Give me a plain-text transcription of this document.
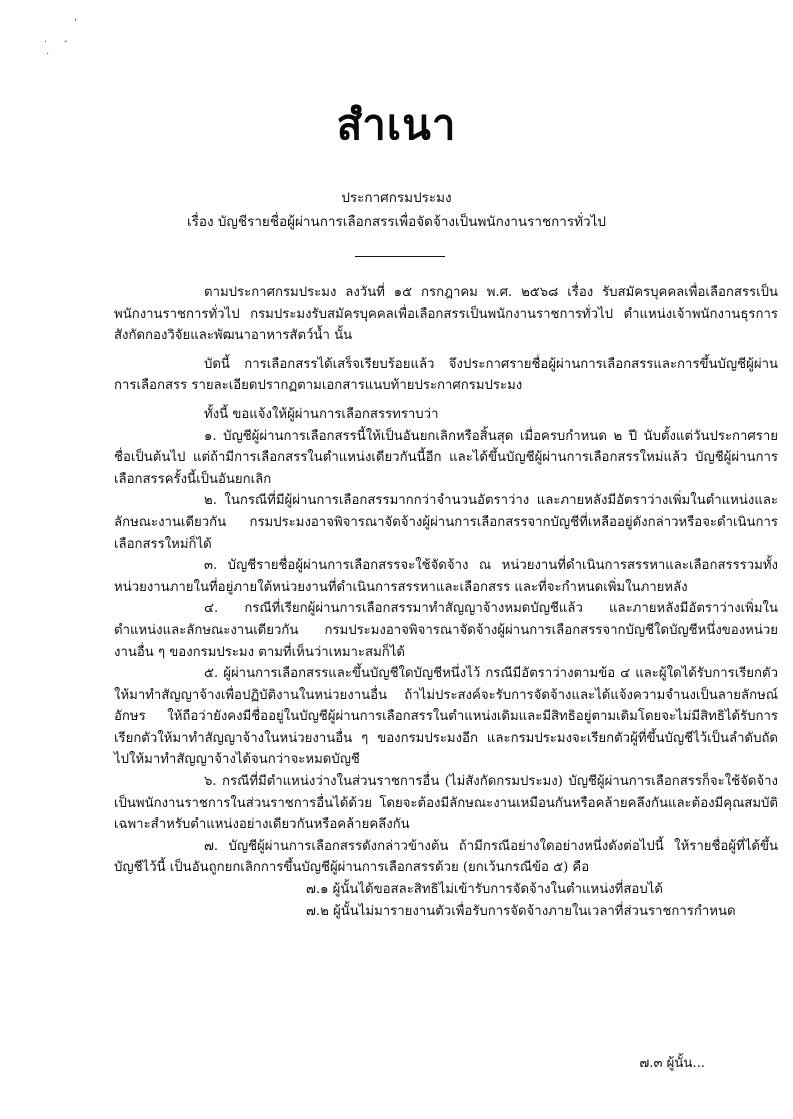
,
. -
.
สำเนา
ประกาศกรมประมง
เรื่อง บัญชีรายชื่อผู้ผ่านการเลือกสรรเพื่อจัดจ้างเป็นพนักงานราชการทั่วไป

ตามประกาศกรมประมง ลงวันที่ ๑๕ กรกฎาคม พ.ศ. ๒๕๖๘ เรื่อง รับสมัครบุคคลเพื่อเลือกสรรเป็นพนักงานราชการทั่วไป กรมประมงรับสมัครบุคคลเพื่อเลือกสรรเป็นพนักงานราชการทั่วไป ตำแหน่งเจ้าพนักงานธุรการ สังกัดกองวิจัยและพัฒนาอาหารสัตว์น้ำ นั้น

บัดนี้ การเลือกสรรได้เสร็จเรียบร้อยแล้ว จึงประกาศรายชื่อผู้ผ่านการเลือกสรรและการขึ้นบัญชีผู้ผ่านการเลือกสรร รายละเอียดปรากฏตามเอกสารแนบท้ายประกาศกรมประมง

ทั้งนี้ ขอแจ้งให้ผู้ผ่านการเลือกสรรทราบว่า

๑. บัญชีผู้ผ่านการเลือกสรรนี้ให้เป็นอันยกเลิกหรือสิ้นสุด เมื่อครบกำหนด ๒ ปี นับตั้งแต่วันประกาศรายชื่อเป็นต้นไป แต่ถ้ามีการเลือกสรรในตำแหน่งเดียวกันนี้อีก และได้ขึ้นบัญชีผู้ผ่านการเลือกสรรใหม่แล้ว บัญชีผู้ผ่านการเลือกสรรครั้งนี้เป็นอันยกเลิก

๒. ในกรณีที่มีผู้ผ่านการเลือกสรรมากกว่าจำนวนอัตราว่าง และภายหลังมีอัตราว่างเพิ่มในตำแหน่งและลักษณะงานเดียวกัน กรมประมงอาจพิจารณาจัดจ้างผู้ผ่านการเลือกสรรจากบัญชีที่เหลืออยู่ดังกล่าวหรือจะดำเนินการเลือกสรรใหม่ก็ได้

๓. บัญชีรายชื่อผู้ผ่านการเลือกสรรจะใช้จัดจ้าง ณ หน่วยงานที่ดำเนินการสรรหาและเลือกสรรรวมทั้งหน่วยงานภายในที่อยู่ภายใต้หน่วยงานที่ดำเนินการสรรหาและเลือกสรร และที่จะกำหนดเพิ่มในภายหลัง

๔. กรณีที่เรียกผู้ผ่านการเลือกสรรมาทำสัญญาจ้างหมดบัญชีแล้ว และภายหลังมีอัตราว่างเพิ่มในตำแหน่งและลักษณะงานเดียวกัน กรมประมงอาจพิจารณาจัดจ้างผู้ผ่านการเลือกสรรจากบัญชีใดบัญชีหนึ่งของหน่วยงานอื่น ๆ ของกรมประมง ตามที่เห็นว่าเหมาะสมก็ได้

๕. ผู้ผ่านการเลือกสรรและขึ้นบัญชีใดบัญชีหนึ่งไว้ กรณีมีอัตราว่างตามข้อ ๔ และผู้ใดได้รับการเรียกตัวให้มาทำสัญญาจ้างเพื่อปฏิบัติงานในหน่วยงานอื่น ถ้าไม่ประสงค์จะรับการจัดจ้างและได้แจ้งความจำนงเป็นลายลักษณ์อักษร ให้ถือว่ายังคงมีชื่ออยู่ในบัญชีผู้ผ่านการเลือกสรรในตำแหน่งเดิมและมีสิทธิอยู่ตามเดิมโดยจะไม่มีสิทธิได้รับการเรียกตัวให้มาทำสัญญาจ้างในหน่วยงานอื่น ๆ ของกรมประมงอีก และกรมประมงจะเรียกตัวผู้ที่ขึ้นบัญชีไว้เป็นลำดับถัดไปให้มาทำสัญญาจ้างได้จนกว่าจะหมดบัญชี

๖. กรณีที่มีตำแหน่งว่างในส่วนราชการอื่น (ไม่สังกัดกรมประมง) บัญชีผู้ผ่านการเลือกสรรก็จะใช้จัดจ้างเป็นพนักงานราชการในส่วนราชการอื่นได้ด้วย โดยจะต้องมีลักษณะงานเหมือนกันหรือคล้ายคลึงกันและต้องมีคุณสมบัติเฉพาะสำหรับตำแหน่งอย่างเดียวกันหรือคล้ายคลึงกัน

๗. บัญชีผู้ผ่านการเลือกสรรดังกล่าวข้างต้น ถ้ามีกรณีอย่างใดอย่างหนึ่งดังต่อไปนี้ ให้รายชื่อผู้ที่ได้ขึ้นบัญชีไว้นี้ เป็นอันถูกยกเลิกการขึ้นบัญชีผู้ผ่านการเลือกสรรด้วย (ยกเว้นกรณีข้อ ๕) คือ

๗.๑ ผู้นั้นได้ขอสละสิทธิไม่เข้ารับการจัดจ้างในตำแหน่งที่สอบได้

๗.๒ ผู้นั้นไม่มารายงานตัวเพื่อรับการจัดจ้างภายในเวลาที่ส่วนราชการกำหนด

๗.๓ ผู้นั้น...
